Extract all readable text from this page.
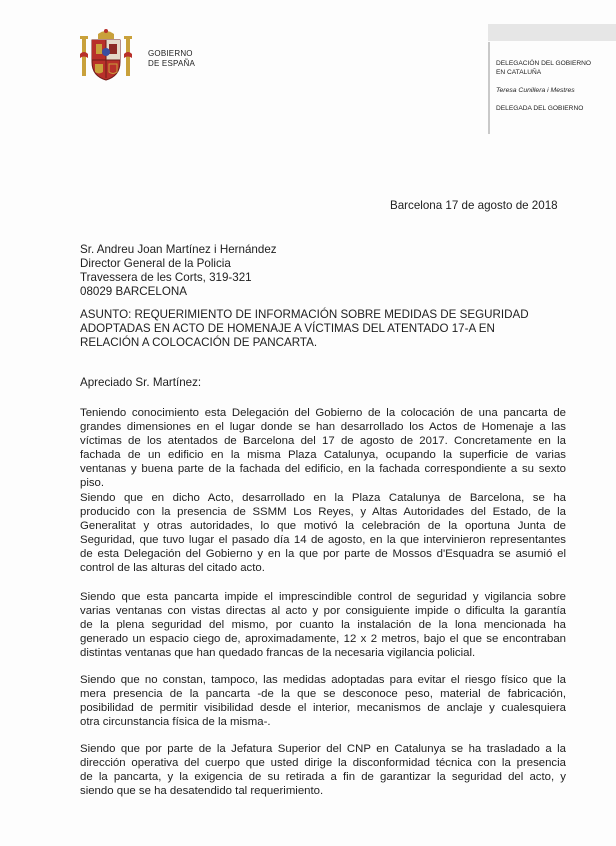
GOBIERNO
DE ESPAÑA	DELEGACIÓN DEL GOBIERNO
EN CATALUÑA
Teresa Cunillera i Mestres
DELEGADA DEL GOBIERNO
Barcelona 17 de agosto de 2018
Sr. Andreu Joan Martínez i Hernández
Director General de la Policia
Travessera de les Corts, 319-321
08029 BARCELONA
ASUNTO: REQUERIMIENTO DE INFORMACIÓN SOBRE MEDIDAS DE SEGURIDAD
ADOPTADAS EN ACTO DE HOMENAJE A VÍCTIMAS DEL ATENTADO 17-A EN
RELACIÓN A COLOCACIÓN DE PANCARTA.
Apreciado Sr. Martínez:
Teniendo conocimiento esta Delegación del Gobierno de la colocación de una pancarta de
grandes dimensiones en el lugar donde se han desarrollado los Actos de Homenaje a las
víctimas de los atentados de Barcelona del 17 de agosto de 2017. Concretamente en la
fachada de un edificio en la misma Plaza Catalunya, ocupando la superficie de varias
ventanas y buena parte de la fachada del edificio, en la fachada correspondiente a su sexto
piso.
Siendo que en dicho Acto, desarrollado en la Plaza Catalunya de Barcelona, se ha
producido con la presencia de SSMM Los Reyes, y Altas Autoridades del Estado, de la
Generalitat y otras autoridades, lo que motivó la celebración de la oportuna Junta de
Seguridad, que tuvo lugar el pasado día 14 de agosto, en la que intervinieron representantes
de esta Delegación del Gobierno y en la que por parte de Mossos d'Esquadra se asumió el
control de las alturas del citado acto.
Siendo que esta pancarta impide el imprescindible control de seguridad y vigilancia sobre
varias ventanas con vistas directas al acto y por consiguiente impide o dificulta la garantía
de la plena seguridad del mismo, por cuanto la instalación de la lona mencionada ha
generado un espacio ciego de, aproximadamente, 12 x 2 metros, bajo el que se encontraban
distintas ventanas que han quedado francas de la necesaria vigilancia policial.
Siendo que no constan, tampoco, las medidas adoptadas para evitar el riesgo físico que la
mera presencia de la pancarta -de la que se desconoce peso, material de fabricación,
posibilidad de permitir visibilidad desde el interior, mecanismos de anclaje y cualesquiera
otra circunstancia física de la misma-.
Siendo que por parte de la Jefatura Superior del CNP en Catalunya se ha trasladado a la
dirección operativa del cuerpo que usted dirige la disconformidad técnica con la presencia
de la pancarta, y la exigencia de su retirada a fin de garantizar la seguridad del acto, y
siendo que se ha desatendido tal requerimiento.
